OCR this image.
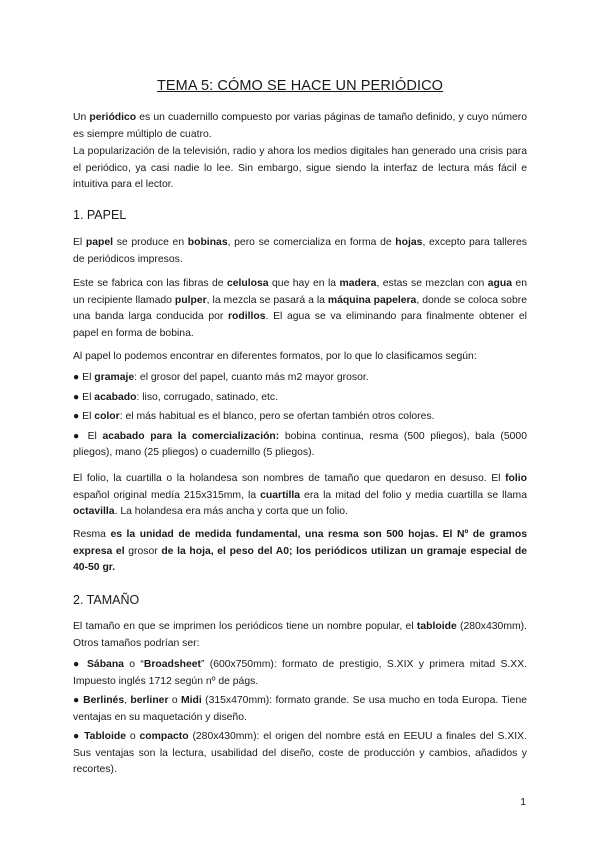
TEMA 5: CÓMO SE HACE UN PERIÓDICO

Un periódico es un cuadernillo compuesto por varias páginas de tamaño definido, y cuyo número es siempre múltiplo de cuatro.

La popularización de la televisión, radio y ahora los medios digitales han generado una crisis para el periódico, ya casi nadie lo lee. Sin embargo, sigue siendo la interfaz de lectura más fácil e intuitiva para el lector.

1. PAPEL

El papel se produce en bobinas, pero se comercializa en forma de hojas, excepto para talleres de periódicos impresos.

Este se fabrica con las fibras de celulosa que hay en la madera, estas se mezclan con agua en un recipiente llamado pulper, la mezcla se pasará a la máquina papelera, donde se coloca sobre una banda larga conducida por rodillos. El agua se va eliminando para finalmente obtener el papel en forma de bobina.

Al papel lo podemos encontrar en diferentes formatos, por lo que lo clasificamos según:

● El gramaje: el grosor del papel, cuanto más m2 mayor grosor.
● El acabado: liso, corrugado, satinado, etc.
● El color: el más habitual es el blanco, pero se ofertan también otros colores.
● El acabado para la comercialización: bobina continua, resma (500 pliegos), bala (5000 pliegos), mano (25 pliegos) o cuadernillo (5 pliegos).

El folio, la cuartilla o la holandesa son nombres de tamaño que quedaron en desuso. El folio español original medía 215x315mm, la cuartilla era la mitad del folio y media cuartilla se llama octavilla. La holandesa era más ancha y corta que un folio.

Resma es la unidad de medida fundamental, una resma son 500 hojas. El Nº de gramos expresa el grosor de la hoja, el peso del A0; los periódicos utilizan un gramaje especial de 40-50 gr.

2. TAMAÑO

El tamaño en que se imprimen los periódicos tiene un nombre popular, el tabloide (280x430mm). Otros tamaños podrían ser:

● Sábana o “Broadsheet” (600x750mm): formato de prestigio, S.XIX y primera mitad S.XX. Impuesto inglés 1712 según nº de págs.
● Berlinés, berliner o Midi (315x470mm): formato grande. Se usa mucho en toda Europa. Tiene ventajas en su maquetación y diseño.
● Tabloide o compacto (280x430mm): el origen del nombre está en EEUU a finales del S.XIX. Sus ventajas son la lectura, usabilidad del diseño, coste de producción y cambios, añadidos y recortes).
1
